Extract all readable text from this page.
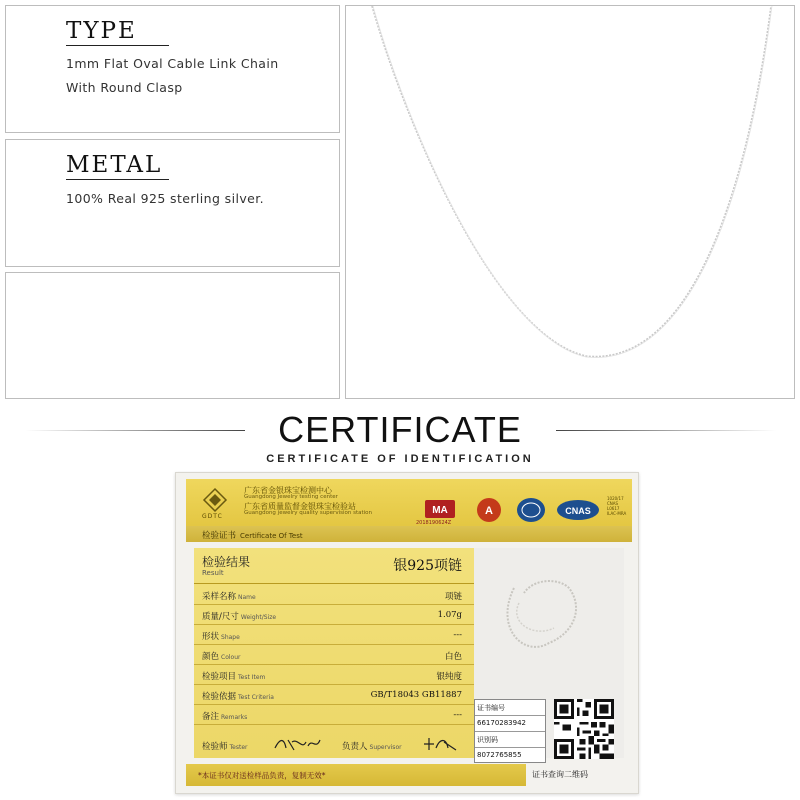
TYPE
1mm Flat Oval Cable Link Chain
With Round Clasp
METAL
100% Real 925 sterling silver.
CERTIFICATE
CERTIFICATE OF IDENTIFICATION
GDTC
广东省金银珠宝检测中心
Guangdong Jewelry testing center
广东省质量监督金银珠宝检验站
Guangdong jewelry quality supervision station	MA	A	CNAS
1020/17 CNAS L0617 ILAC-MRA
2018190624Z
检验证书 Certificate Of Test
检验结果
Result	银925项链
采样名称 Name	项链
质量/尺寸 Weight/Size	1.07g
形状 Shape	---
颜色 Colour	白色
检验项目 Test Item	银纯度
检验依据 Test Criteria	GB/T18043 GB11887
备注 Remarks	---
检验师 Tester	负责人 Supervisor
证书编号
66170283942
识别码
8072765855
证书查询二维码
*本证书仅对送检样品负责，复制无效*
